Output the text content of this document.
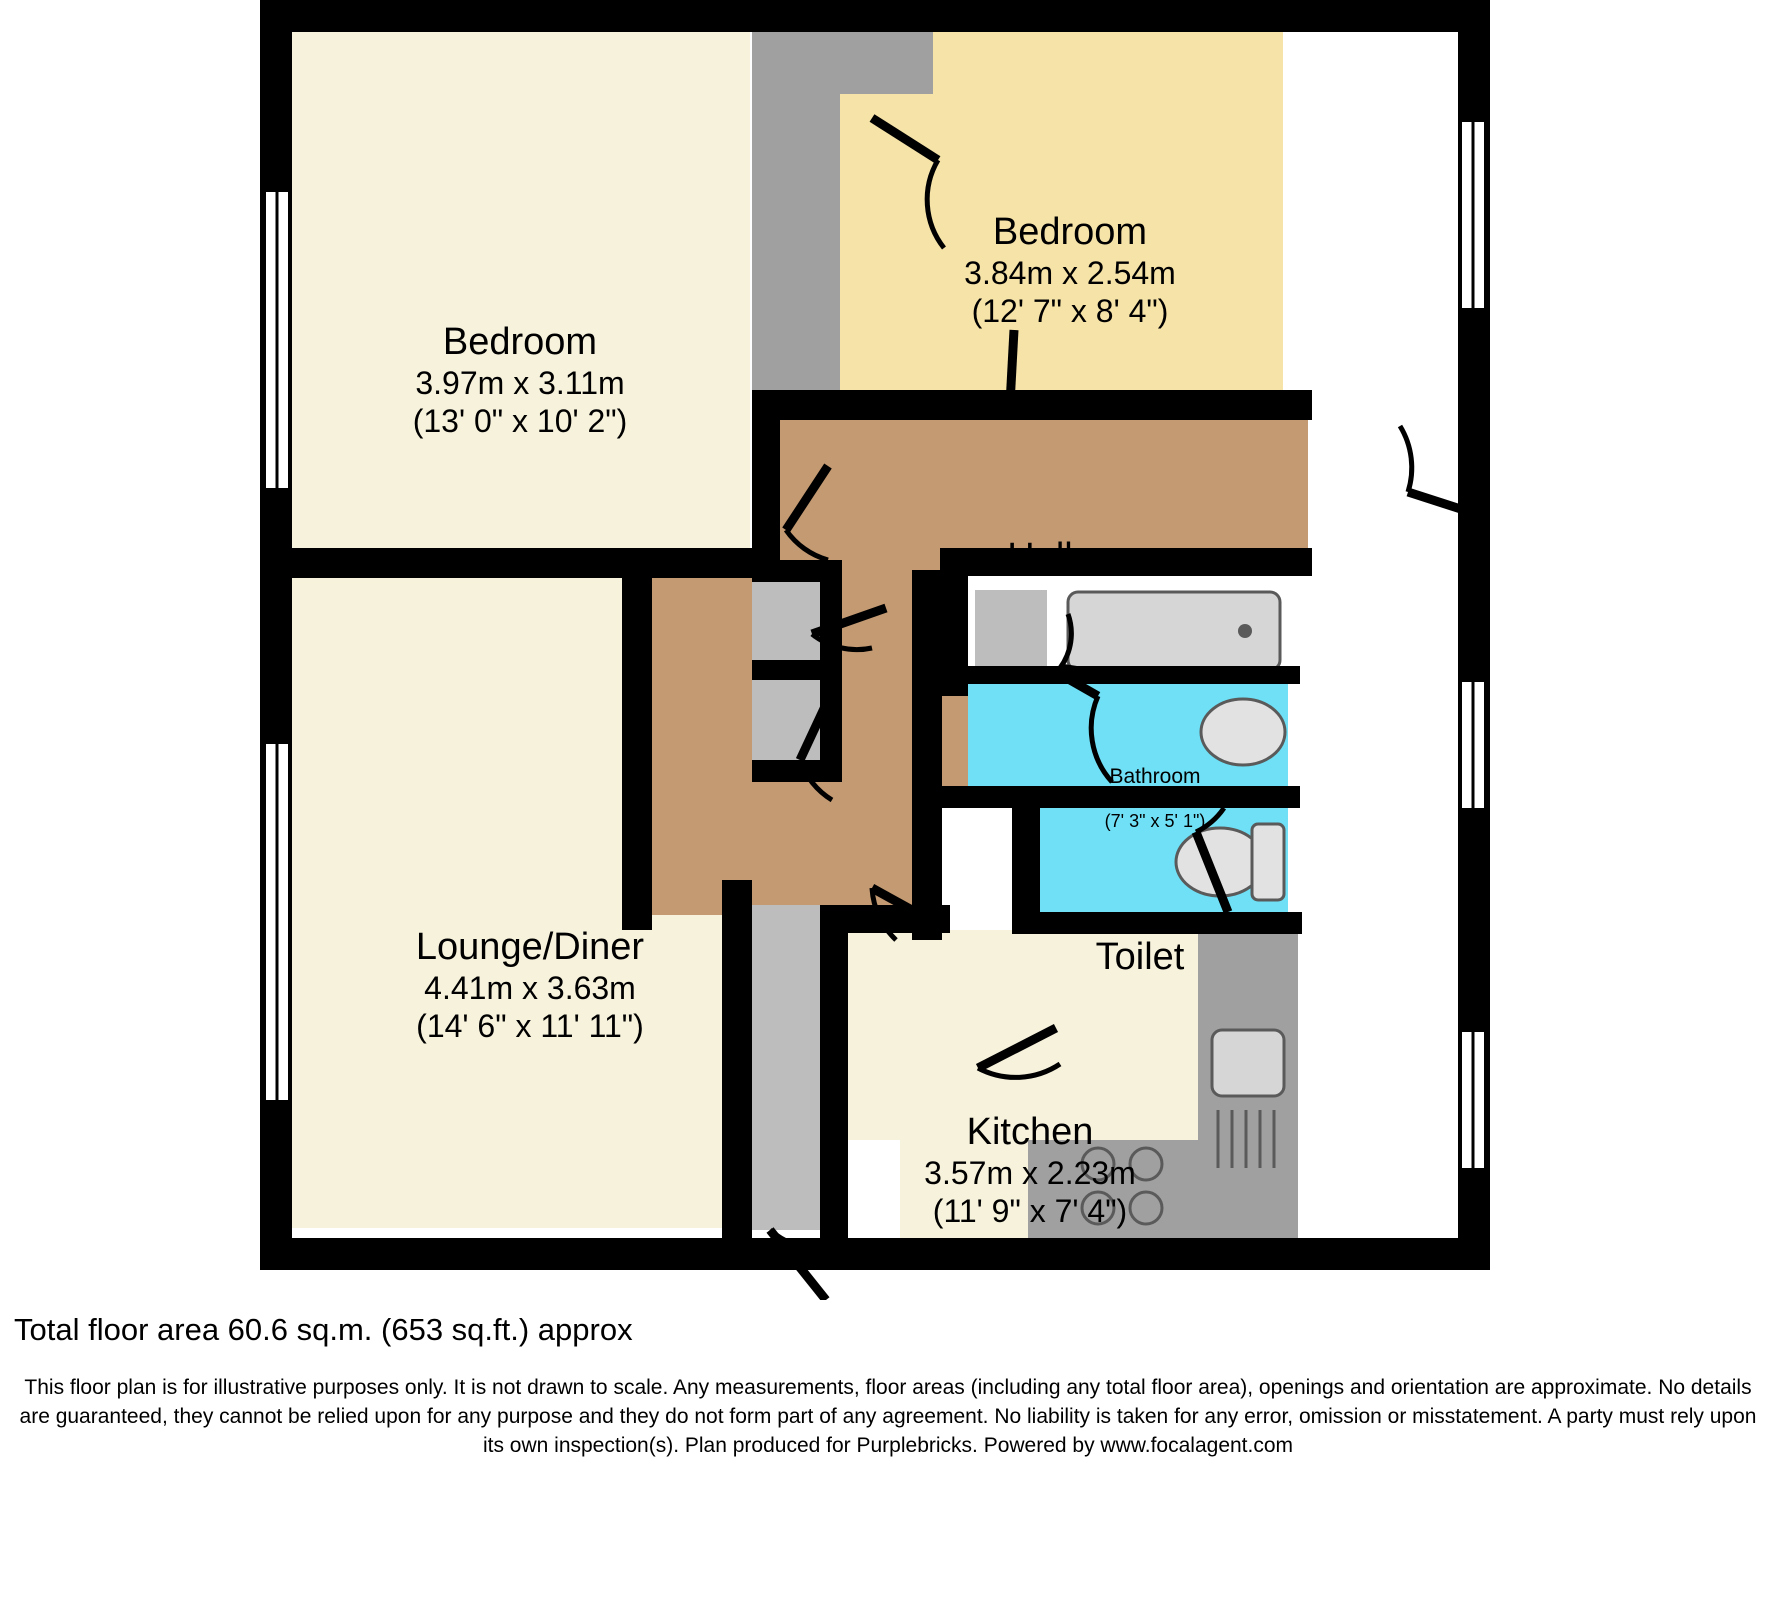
Bedroom
3.97m x 3.11m
(13' 0" x 10' 2")
Bedroom
3.84m x 2.54m
(12' 7" x 8' 4")
Hall
Lounge/Diner
4.41m x 3.63m
(14' 6" x 11' 11")
Bathroom
2.21m x 1.54m
(7' 3" x 5' 1")
Toilet
Kitchen
3.57m x 2.23m
(11' 9" x 7' 4")
Total floor area 60.6 sq.m. (653 sq.ft.) approx
This floor plan is for illustrative purposes only. It is not drawn to scale. Any measurements, floor areas (including any total floor area), openings and orientation are approximate. No details are guaranteed, they cannot be relied upon for any purpose and they do not form part of any agreement. No liability is taken for any error, omission or misstatement. A party must rely upon its own inspection(s). Plan produced for Purplebricks. Powered by www.focalagent.com
